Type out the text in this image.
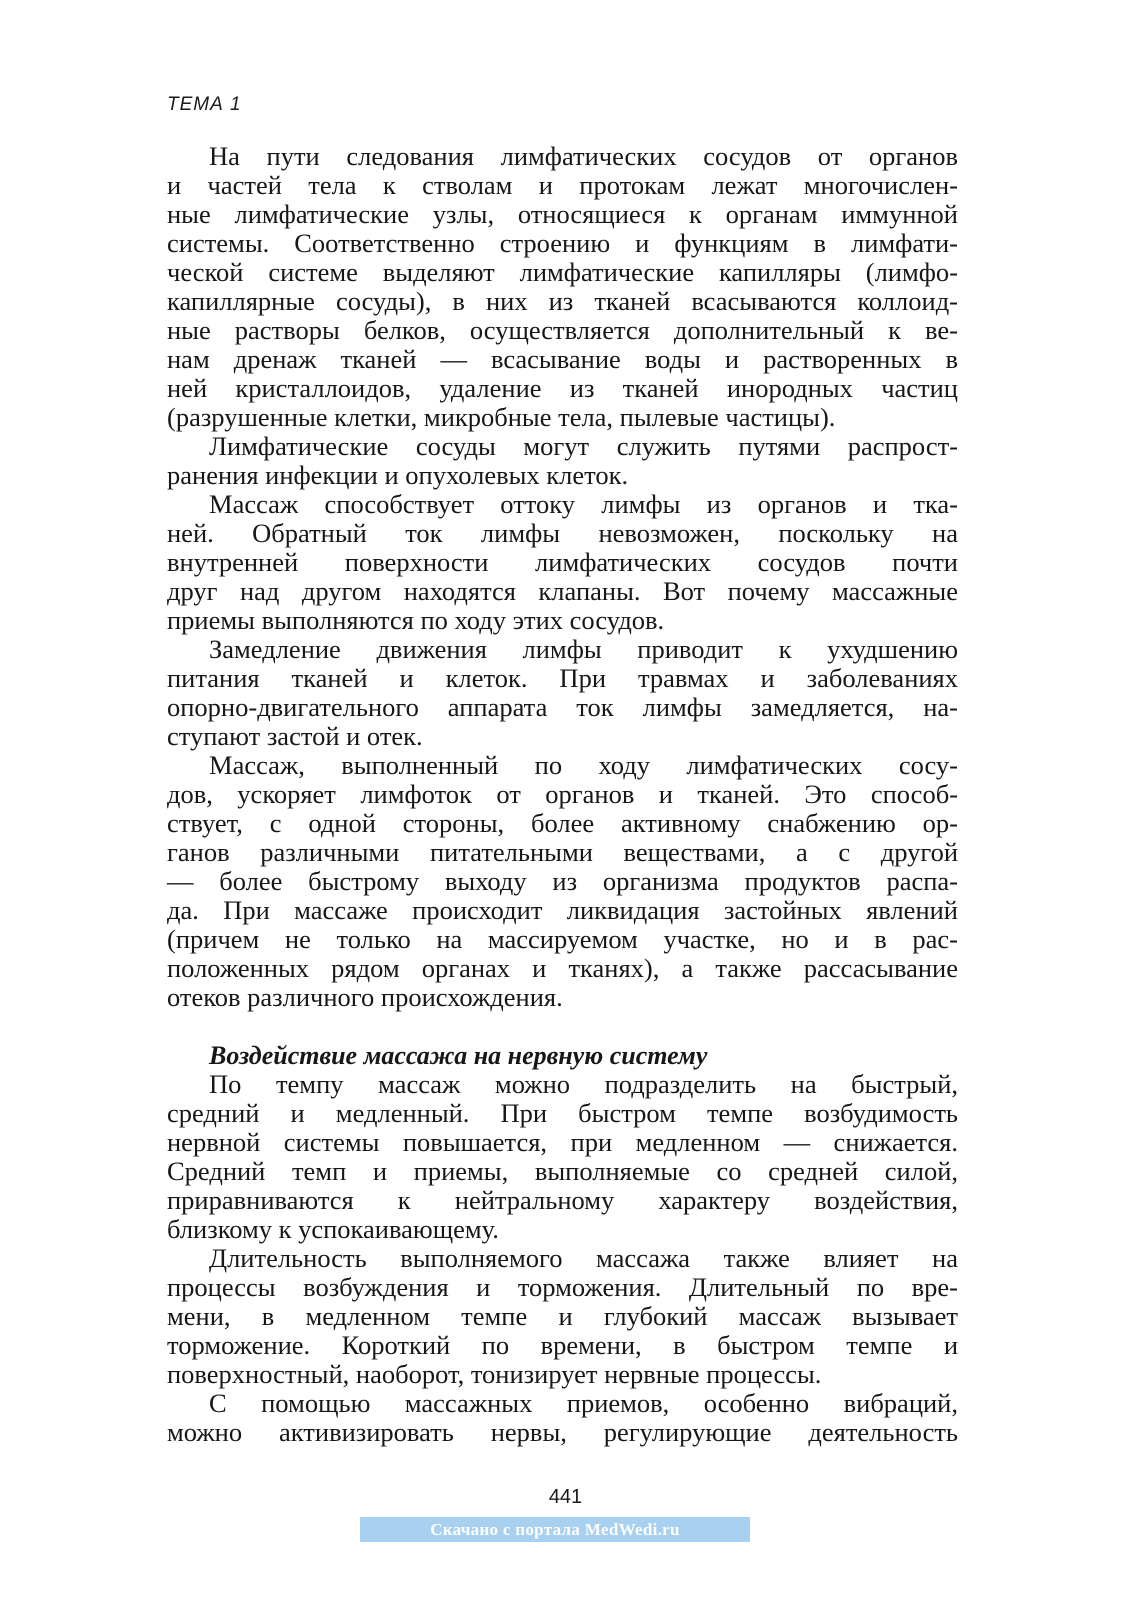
ТЕМА 1

На пути следования лимфатических сосудов от органов
и частей тела к стволам и протокам лежат многочислен-
ные лимфатические узлы, относящиеся к органам иммунной
системы. Соответственно строению и функциям в лимфати-
ческой системе выделяют лимфатические капилляры (лимфо-
капиллярные сосуды), в них из тканей всасываются коллоид-
ные растворы белков, осуществляется дополнительный к ве-
нам дренаж тканей — всасывание воды и растворенных в
ней кристаллоидов, удаление из тканей инородных частиц
(разрушенные клетки, микробные тела, пылевые частицы).

Лимфатические сосуды могут служить путями распрост-
ранения инфекции и опухолевых клеток.

Массаж способствует оттоку лимфы из органов и тка-
ней. Обратный ток лимфы невозможен, поскольку на
внутренней поверхности лимфатических сосудов почти
друг над другом находятся клапаны. Вот почему массажные
приемы выполняются по ходу этих сосудов.

Замедление движения лимфы приводит к ухудшению
питания тканей и клеток. При травмах и заболеваниях
опорно-двигательного аппарата ток лимфы замедляется, на-
ступают застой и отек.

Массаж, выполненный по ходу лимфатических сосу-
дов, ускоряет лимфоток от органов и тканей. Это способ-
ствует, с одной стороны, более активному снабжению ор-
ганов различными питательными веществами, а с другой
— более быстрому выходу из организма продуктов распа-
да. При массаже происходит ликвидация застойных явлений
(причем не только на массируемом участке, но и в рас-
положенных рядом органах и тканях), а также рассасывание
отеков различного происхождения.

Воздействие массажа на нервную систему

По темпу массаж можно подразделить на быстрый,
средний и медленный. При быстром темпе возбудимость
нервной системы повышается, при медленном — снижается.
Средний темп и приемы, выполняемые со средней силой,
приравниваются к нейтральному характеру воздействия,
близкому к успокаивающему.

Длительность выполняемого массажа также влияет на
процессы возбуждения и торможения. Длительный по вре-
мени, в медленном темпе и глубокий массаж вызывает
торможение. Короткий по времени, в быстром темпе и
поверхностный, наоборот, тонизирует нервные процессы.

С помощью массажных приемов, особенно вибраций,
можно активизировать нервы, регулирующие деятельность

441
Скачано с портала MedWedi.ru
